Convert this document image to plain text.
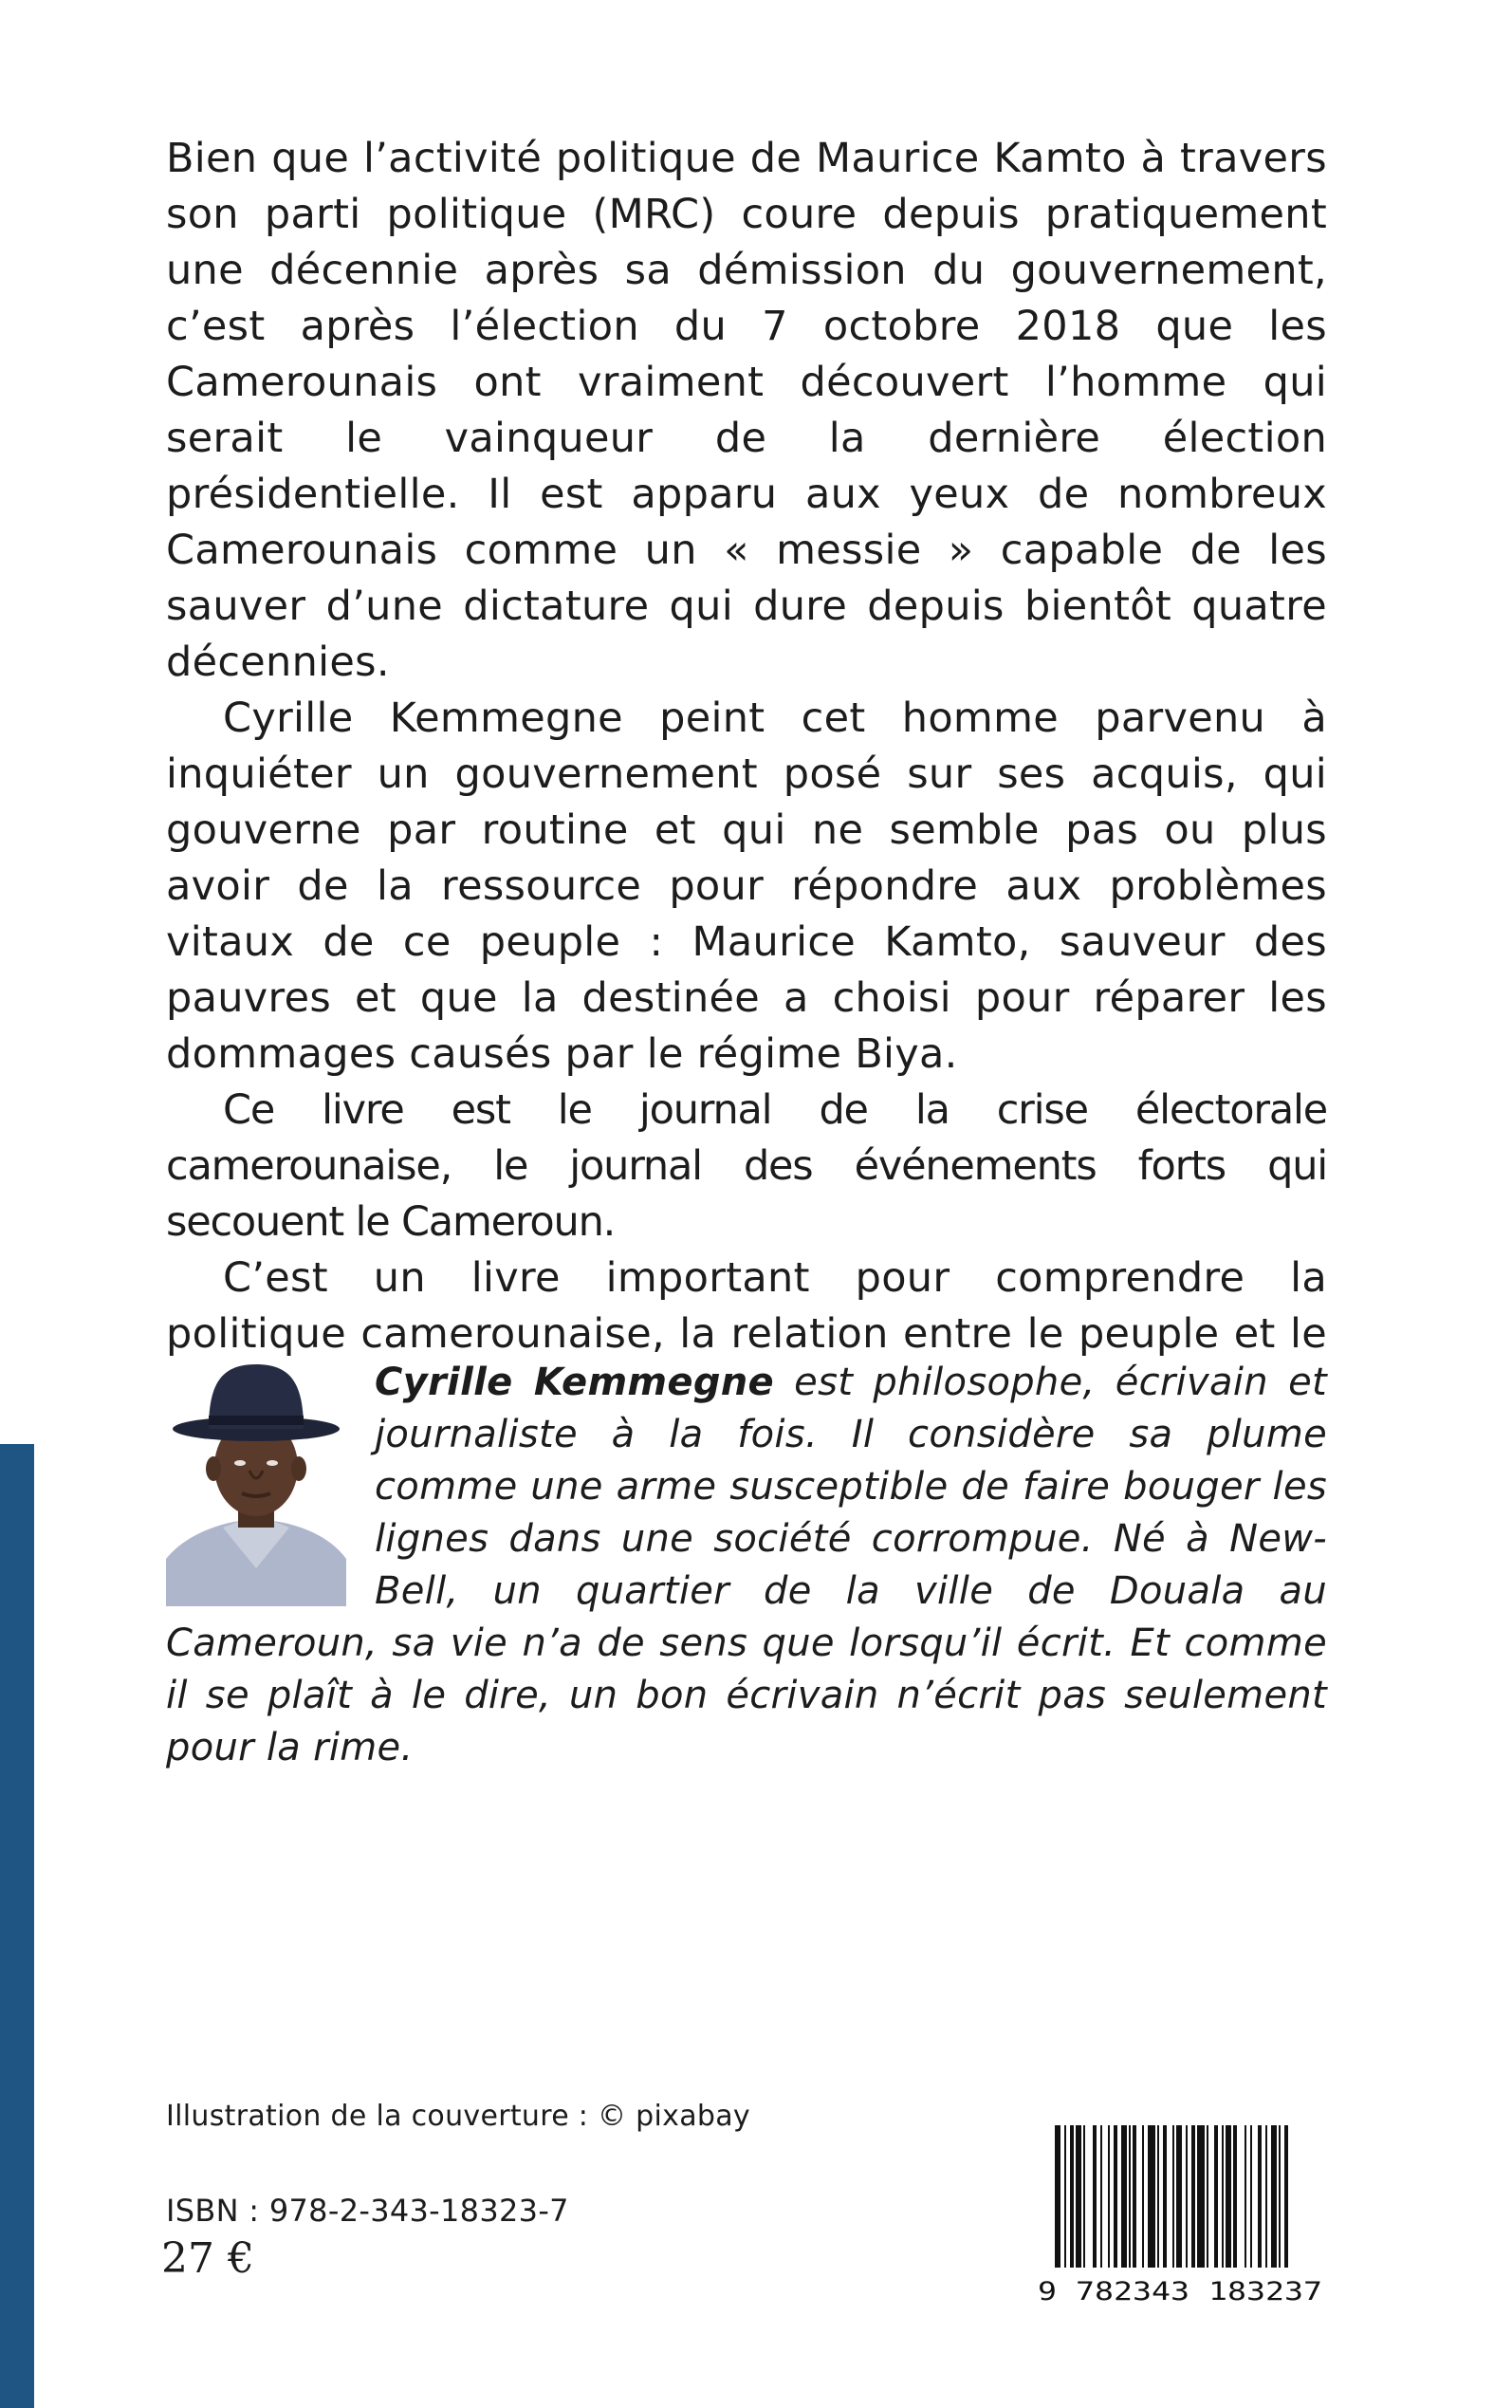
Bien que l’activité politique de Maurice Kamto à travers son parti politique (MRC) coure depuis pratiquement une décennie après sa démission du gouvernement, c’est après l’élection du 7 octobre 2018 que les Camerounais ont vraiment découvert l’homme qui serait le vainqueur de la dernière élection présidentielle. Il est apparu aux yeux de nombreux Camerounais comme un « messie » capable de les sauver d’une dictature qui dure depuis bientôt quatre décennies.

Cyrille Kemmegne peint cet homme parvenu à inquiéter un gouvernement posé sur ses acquis, qui gouverne par routine et qui ne semble pas ou plus avoir de la ressource pour répondre aux problèmes vitaux de ce peuple : Maurice Kamto, sauveur des pauvres et que la destinée a choisi pour réparer les dommages causés par le régime Biya.

Ce livre est le journal de la crise électorale camerounaise, le journal des événements forts qui secouent le Cameroun.

C’est un livre important pour comprendre la politique camerounaise, la relation entre le peuple et le

Cyrille Kemmegne est philosophe, écrivain et journaliste à la fois. Il considère sa plume comme une arme susceptible de faire bouger les lignes dans une société corrompue. Né à New-Bell, un quartier de la ville de Douala au Cameroun, sa vie n’a de sens que lorsqu’il écrit. Et comme il se plaît à le dire, un bon écrivain n’écrit pas seulement pour la rime.

Illustration de la couverture : © pixabay
ISBN : 978-2-343-18323-7
27 €
9 782343 183237
